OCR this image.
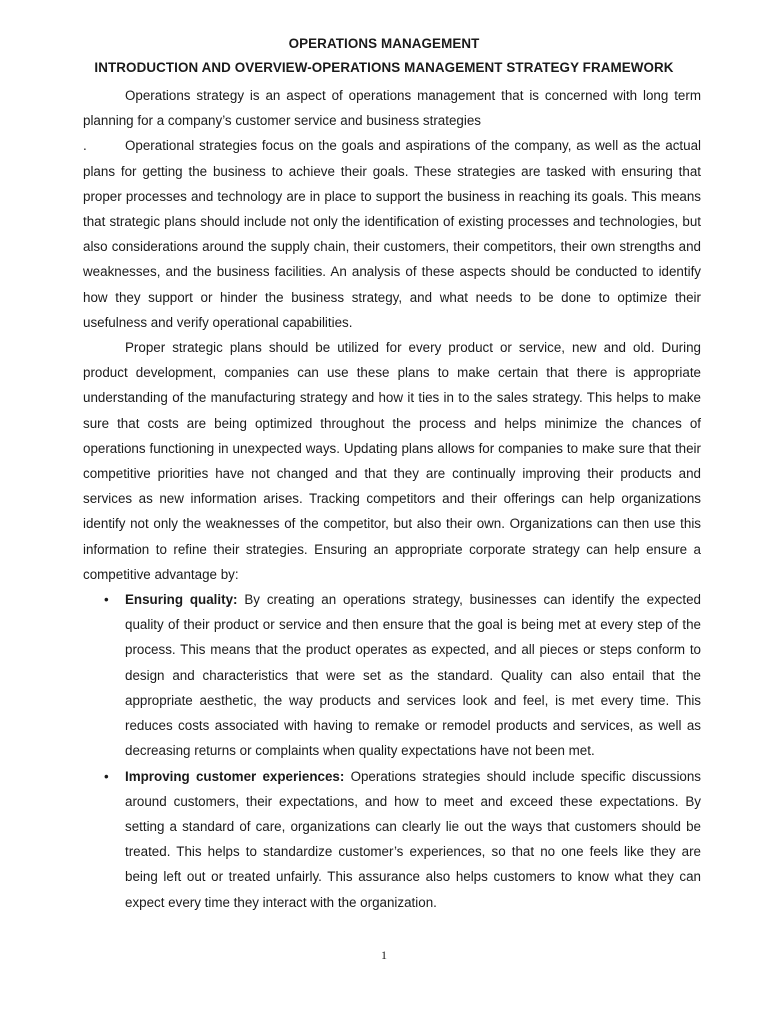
OPERATIONS MANAGEMENT
INTRODUCTION AND OVERVIEW-OPERATIONS MANAGEMENT STRATEGY FRAMEWORK

Operations strategy is an aspect of operations management that is concerned with long term planning for a company’s customer service and business strategies

.	Operational strategies focus on the goals and aspirations of the company, as well as the actual plans for getting the business to achieve their goals. These strategies are tasked with ensuring that proper processes and technology are in place to support the business in reaching its goals. This means that strategic plans should include not only the identification of existing processes and technologies, but also considerations around the supply chain, their customers, their competitors, their own strengths and weaknesses, and the business facilities. An analysis of these aspects should be conducted to identify how they support or hinder the business strategy, and what needs to be done to optimize their usefulness and verify operational capabilities.

Proper strategic plans should be utilized for every product or service, new and old. During product development, companies can use these plans to make certain that there is appropriate understanding of the manufacturing strategy and how it ties in to the sales strategy. This helps to make sure that costs are being optimized throughout the process and helps minimize the chances of operations functioning in unexpected ways. Updating plans allows for companies to make sure that their competitive priorities have not changed and that they are continually improving their products and services as new information arises. Tracking competitors and their offerings can help organizations identify not only the weaknesses of the competitor, but also their own. Organizations can then use this information to refine their strategies. Ensuring an appropriate corporate strategy can help ensure a competitive advantage by:

• Ensuring quality: By creating an operations strategy, businesses can identify the expected quality of their product or service and then ensure that the goal is being met at every step of the process. This means that the product operates as expected, and all pieces or steps conform to design and characteristics that were set as the standard. Quality can also entail that the appropriate aesthetic, the way products and services look and feel, is met every time. This reduces costs associated with having to remake or remodel products and services, as well as decreasing returns or complaints when quality expectations have not been met.
• Improving customer experiences: Operations strategies should include specific discussions around customers, their expectations, and how to meet and exceed these expectations. By setting a standard of care, organizations can clearly lie out the ways that customers should be treated. This helps to standardize customer’s experiences, so that no one feels like they are being left out or treated unfairly. This assurance also helps customers to know what they can expect every time they interact with the organization.
1
